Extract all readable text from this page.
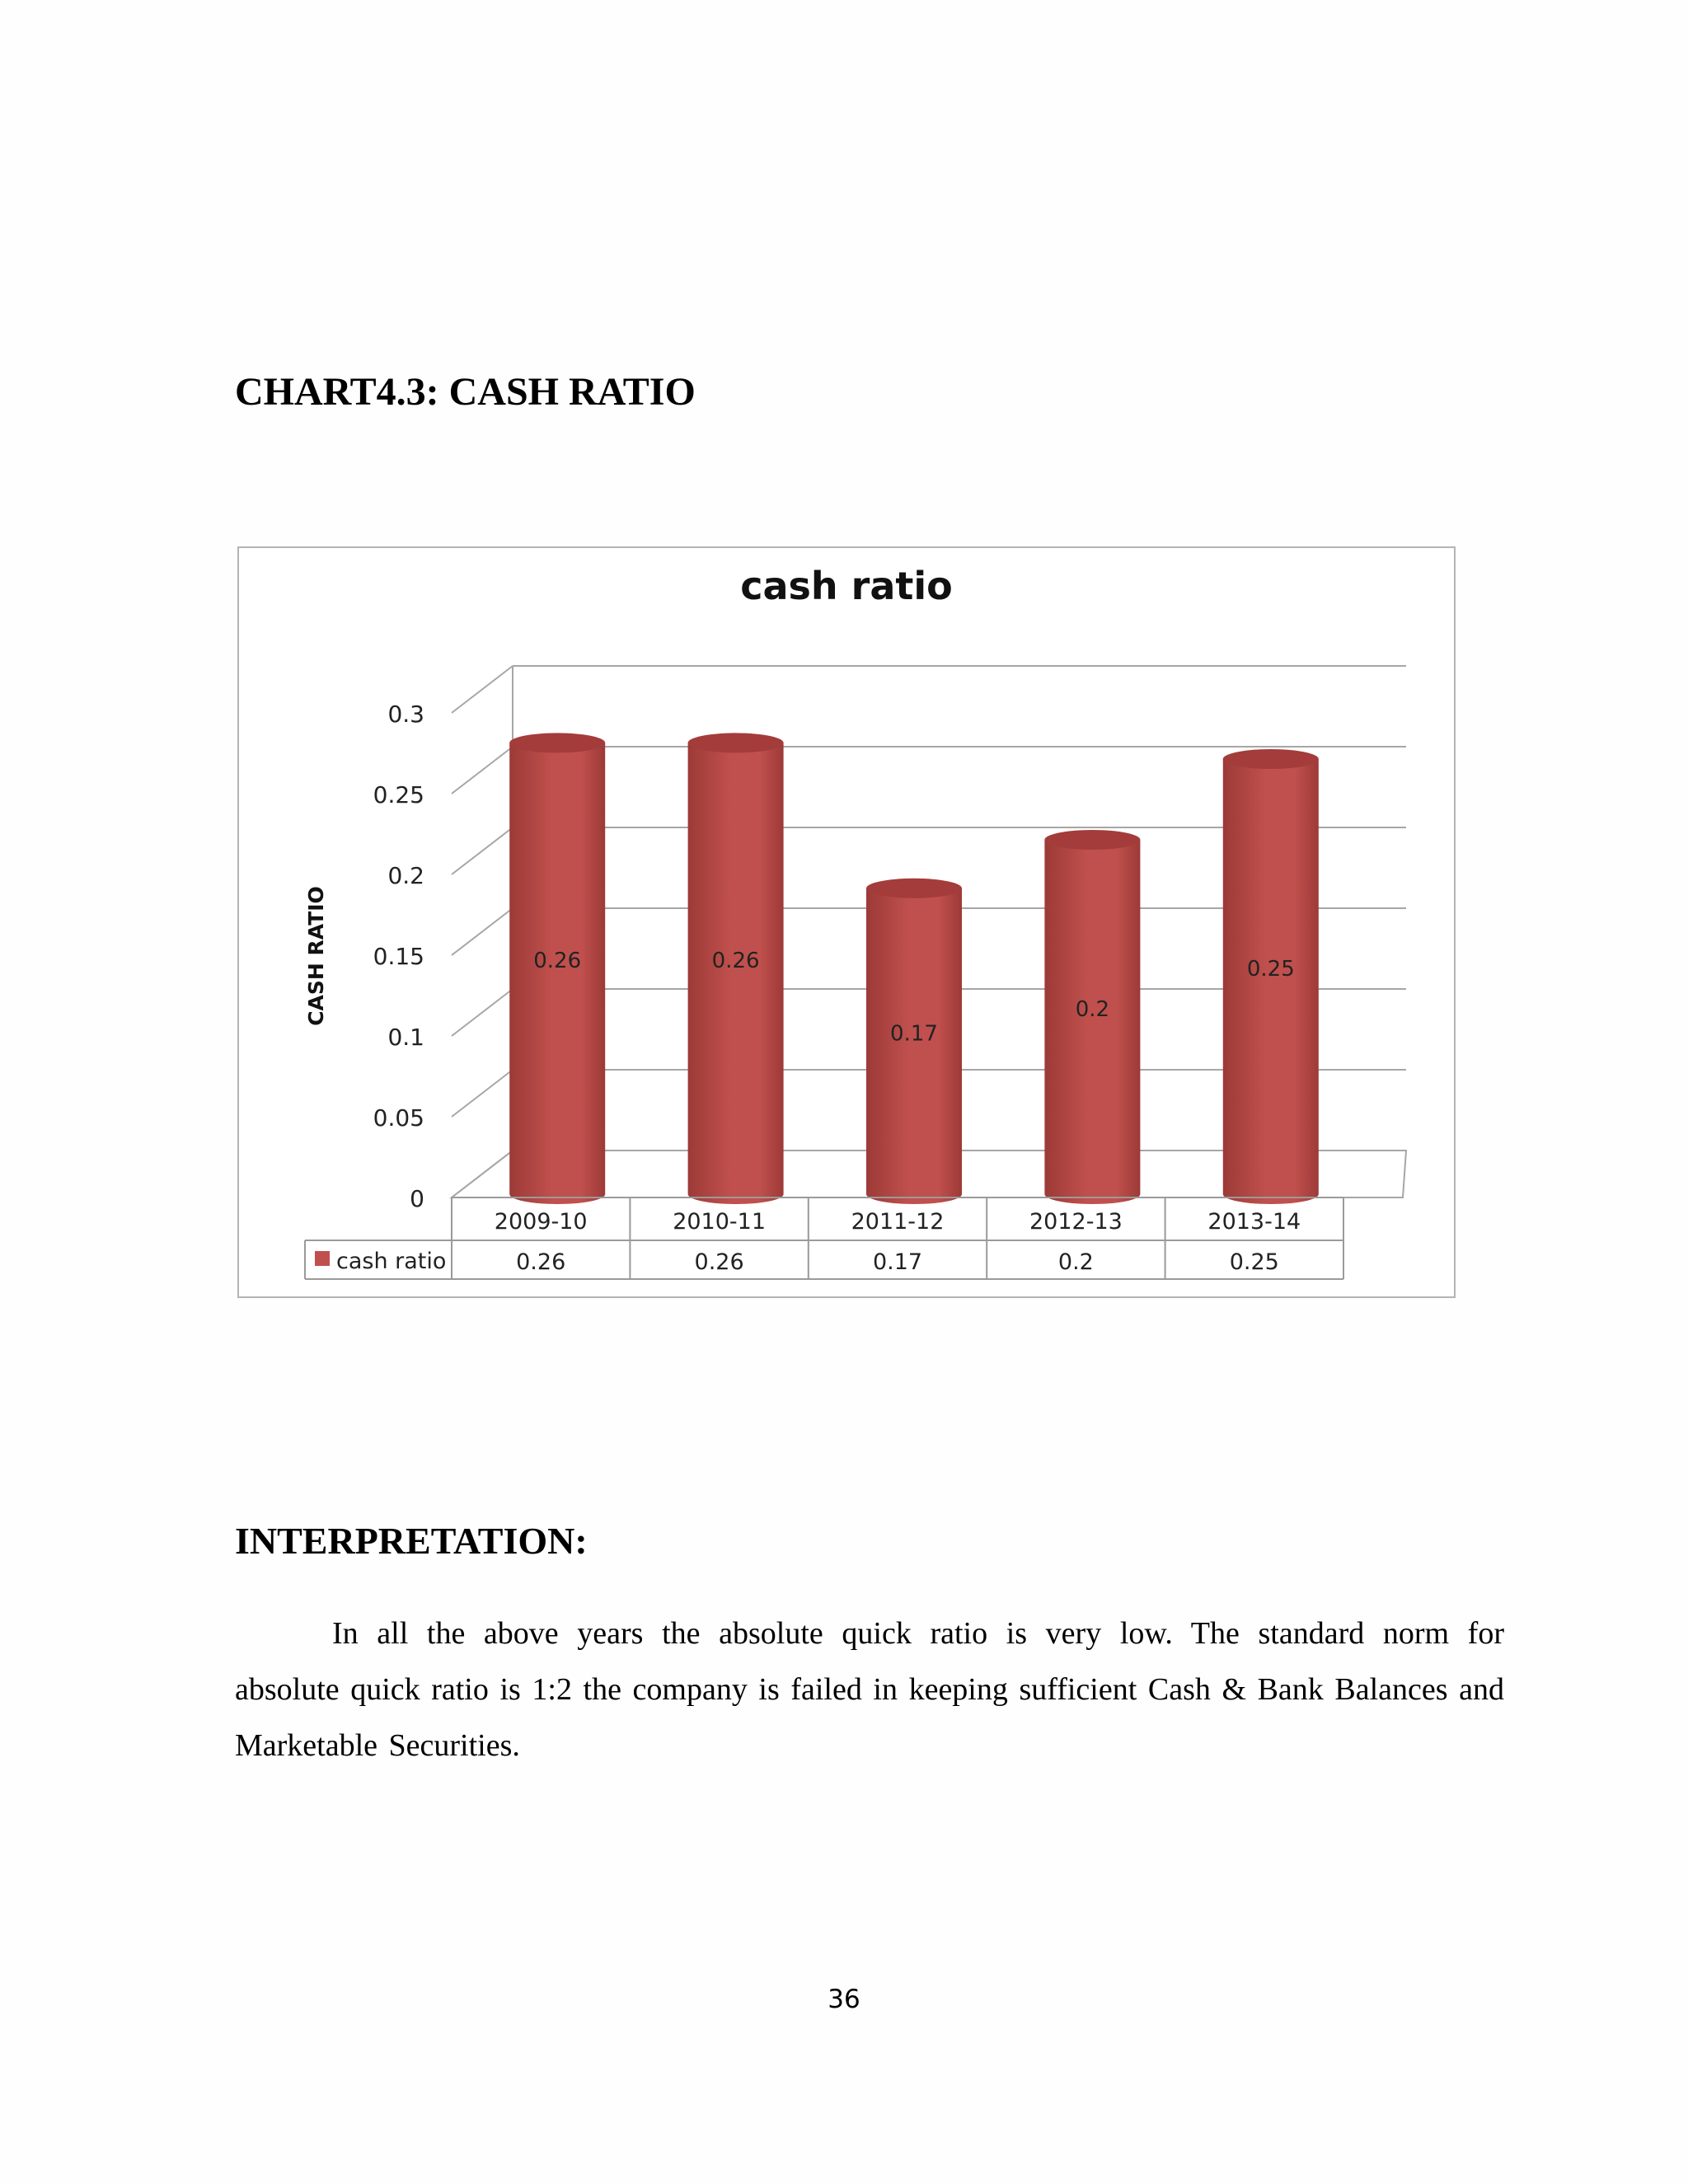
CHART4.3: CASH RATIO
cash ratio
0
0.05
0.1
0.15
0.2
0.25
0.3
CASH RATIO	0.26	0.26
0.17
0.2
0.25
2009-10
0.26
2010-11
0.26
2011-12
0.17
2012-13
0.2
2013-14
0.25
cash ratio
INTERPRETATION:

In all the above years the absolute quick ratio is very low. The standard norm for absolute quick ratio is 1:2 the company is failed in keeping sufficient Cash & Bank Balances and Marketable Securities.

36
